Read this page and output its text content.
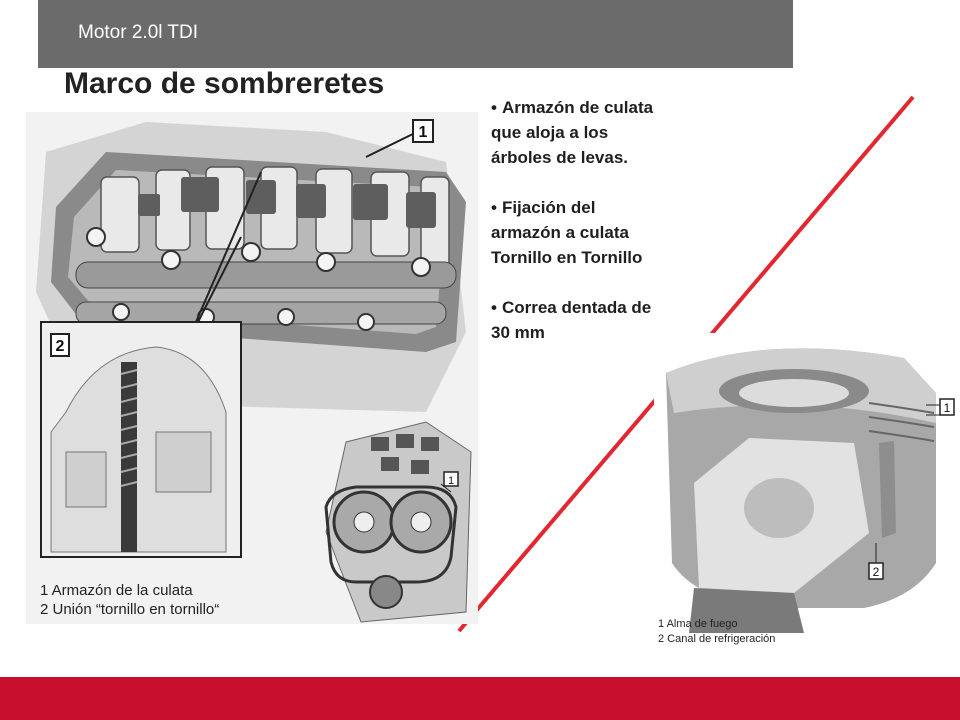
Motor 2.0l TDI
Marco de sombreretes
• Armazón de culata
que aloja a los
árboles de levas.
• Fijación del
armazón a culata
Tornillo en Tornillo
• Correa dentada de
30 mm
1
2
1
1 Armazón de la culata
2 Unión “tornillo en tornillo“
1
2
1 Alma de fuego
2 Canal de refrigeración
